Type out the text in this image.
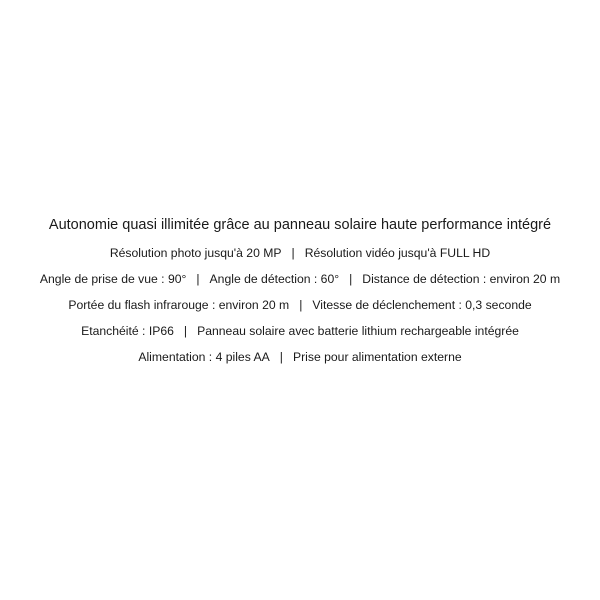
Autonomie quasi illimitée grâce au panneau solaire haute performance intégré
Résolution photo jusqu'à 20 MP | Résolution vidéo jusqu'à FULL HD
Angle de prise de vue : 90° | Angle de détection : 60° | Distance de détection : environ 20 m
Portée du flash infrarouge : environ 20 m | Vitesse de déclenchement : 0,3 seconde
Etanchéité : IP66 | Panneau solaire avec batterie lithium rechargeable intégrée
Alimentation : 4 piles AA | Prise pour alimentation externe
